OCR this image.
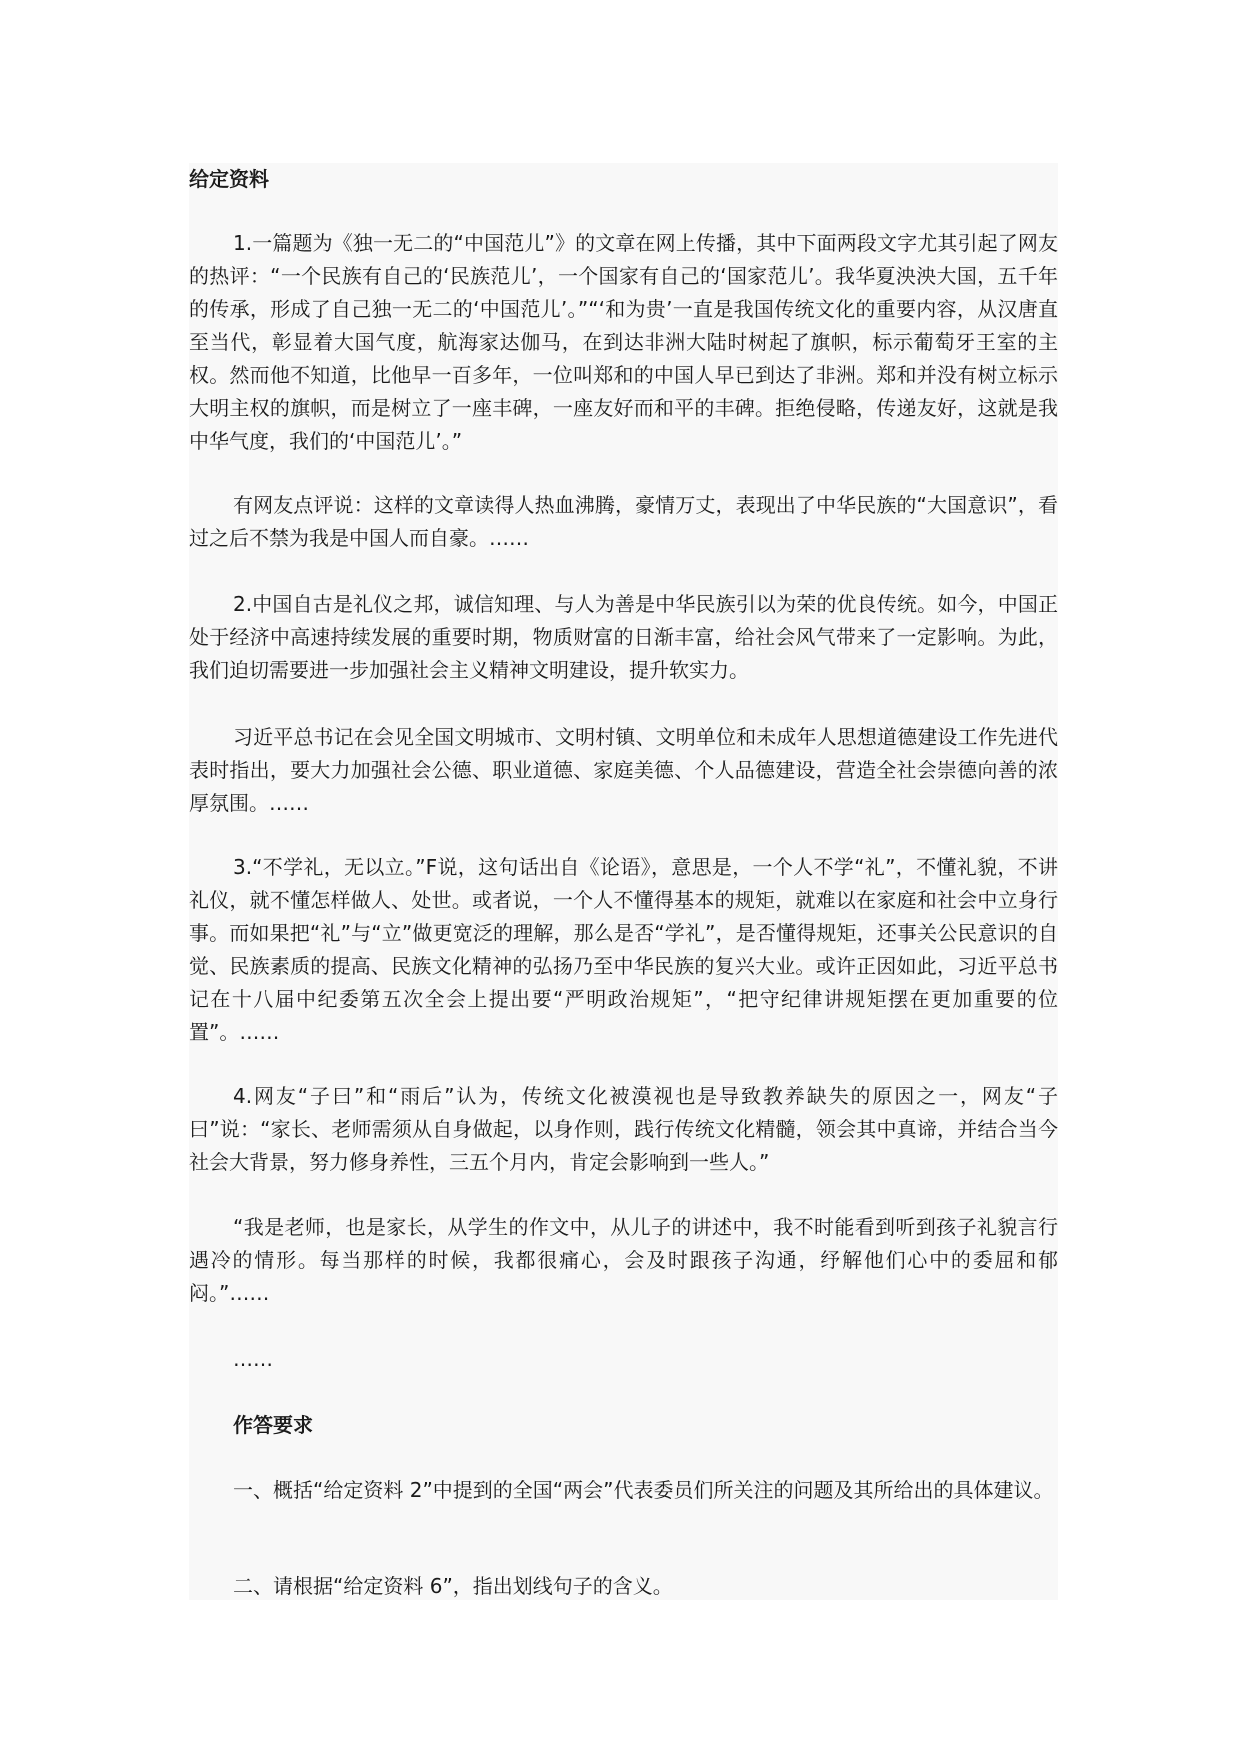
给定资料

1.一篇题为《独一无二的“中国范儿”》的文章在网上传播，其中下面两段文字尤其引起了网友的热评：“一个民族有自己的‘民族范儿’，一个国家有自己的‘国家范儿’。我华夏泱泱大国，五千年的传承，形成了自己独一无二的‘中国范儿’。”“‘和为贵’一直是我国传统文化的重要内容，从汉唐直至当代，彰显着大国气度，航海家达伽马，在到达非洲大陆时树起了旗帜，标示葡萄牙王室的主权。然而他不知道，比他早一百多年，一位叫郑和的中国人早已到达了非洲。郑和并没有树立标示大明主权的旗帜，而是树立了一座丰碑，一座友好而和平的丰碑。拒绝侵略，传递友好，这就是我中华气度，我们的‘中国范儿’。”

有网友点评说：这样的文章读得人热血沸腾，豪情万丈，表现出了中华民族的“大国意识”，看过之后不禁为我是中国人而自豪。……

2.中国自古是礼仪之邦，诚信知理、与人为善是中华民族引以为荣的优良传统。如今，中国正处于经济中高速持续发展的重要时期，物质财富的日渐丰富，给社会风气带来了一定影响。为此，我们迫切需要进一步加强社会主义精神文明建设，提升软实力。

习近平总书记在会见全国文明城市、文明村镇、文明单位和未成年人思想道德建设工作先进代表时指出，要大力加强社会公德、职业道德、家庭美德、个人品德建设，营造全社会崇德向善的浓厚氛围。……

3.“不学礼，无以立。”F说，这句话出自《论语》，意思是，一个人不学“礼”，不懂礼貌，不讲礼仪，就不懂怎样做人、处世。或者说，一个人不懂得基本的规矩，就难以在家庭和社会中立身行事。而如果把“礼”与“立”做更宽泛的理解，那么是否“学礼”，是否懂得规矩，还事关公民意识的自觉、民族素质的提高、民族文化精神的弘扬乃至中华民族的复兴大业。或许正因如此，习近平总书记在十八届中纪委第五次全会上提出要“严明政治规矩”，“把守纪律讲规矩摆在更加重要的位置”。……

4.网友“子曰”和“雨后”认为，传统文化被漠视也是导致教养缺失的原因之一，网友“子曰”说：“家长、老师需须从自身做起，以身作则，践行传统文化精髓，领会其中真谛，并结合当今社会大背景，努力修身养性，三五个月内，肯定会影响到一些人。”

“我是老师，也是家长，从学生的作文中，从儿子的讲述中，我不时能看到听到孩子礼貌言行遇冷的情形。每当那样的时候，我都很痛心，会及时跟孩子沟通，纾解他们心中的委屈和郁闷。”……

……

作答要求

一、概括“给定资料 2”中提到的全国“两会”代表委员们所关注的问题及其所给出的具体建议。

二、请根据“给定资料 6”，指出划线句子的含义。
